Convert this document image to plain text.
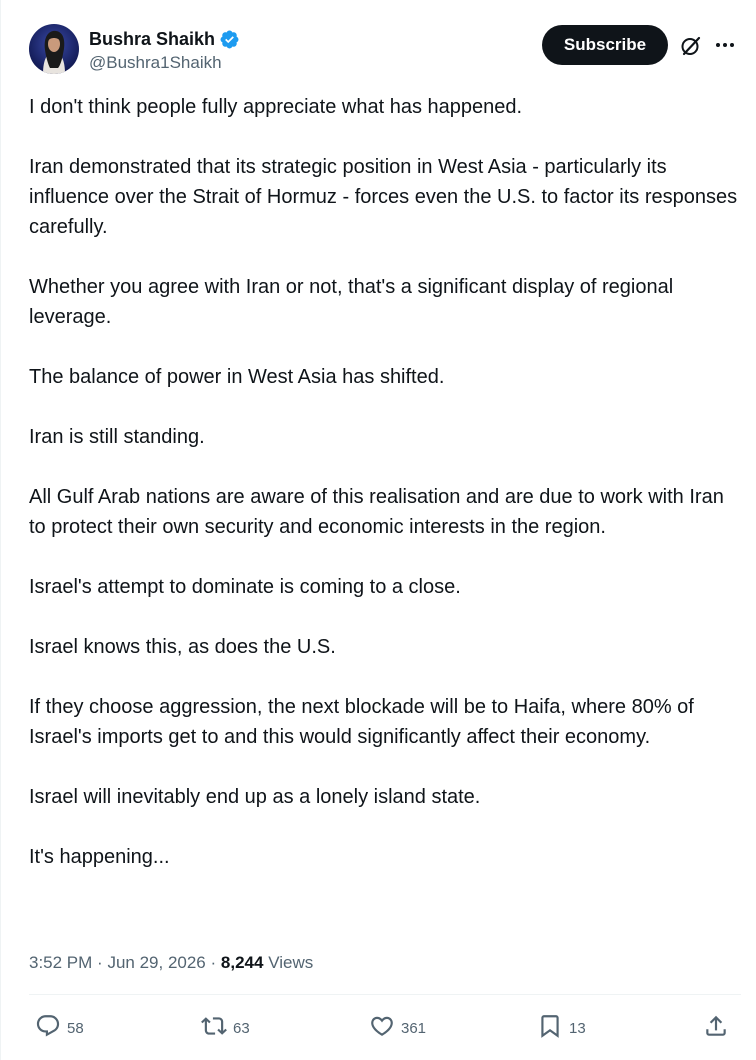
Bushra Shaikh
@Bushra1Shaikh
Subscribe

I don't think people fully appreciate what has happened.

Iran demonstrated that its strategic position in West Asia - particularly its influence over the Strait of Hormuz - forces even the U.S. to factor its responses carefully.

Whether you agree with Iran or not, that's a significant display of regional leverage.

The balance of power in West Asia has shifted.

Iran is still standing.

All Gulf Arab nations are aware of this realisation and are due to work with Iran to protect their own security and economic interests in the region.

Israel's attempt to dominate is coming to a close.

Israel knows this, as does the U.S.

If they choose aggression, the next blockade will be to Haifa, where 80% of Israel's imports get to and this would significantly affect their economy.

Israel will inevitably end up as a lonely island state.

It's happening...

3:52 PM · Jun 29, 2026 · 8,244 Views
58	63	361	13
